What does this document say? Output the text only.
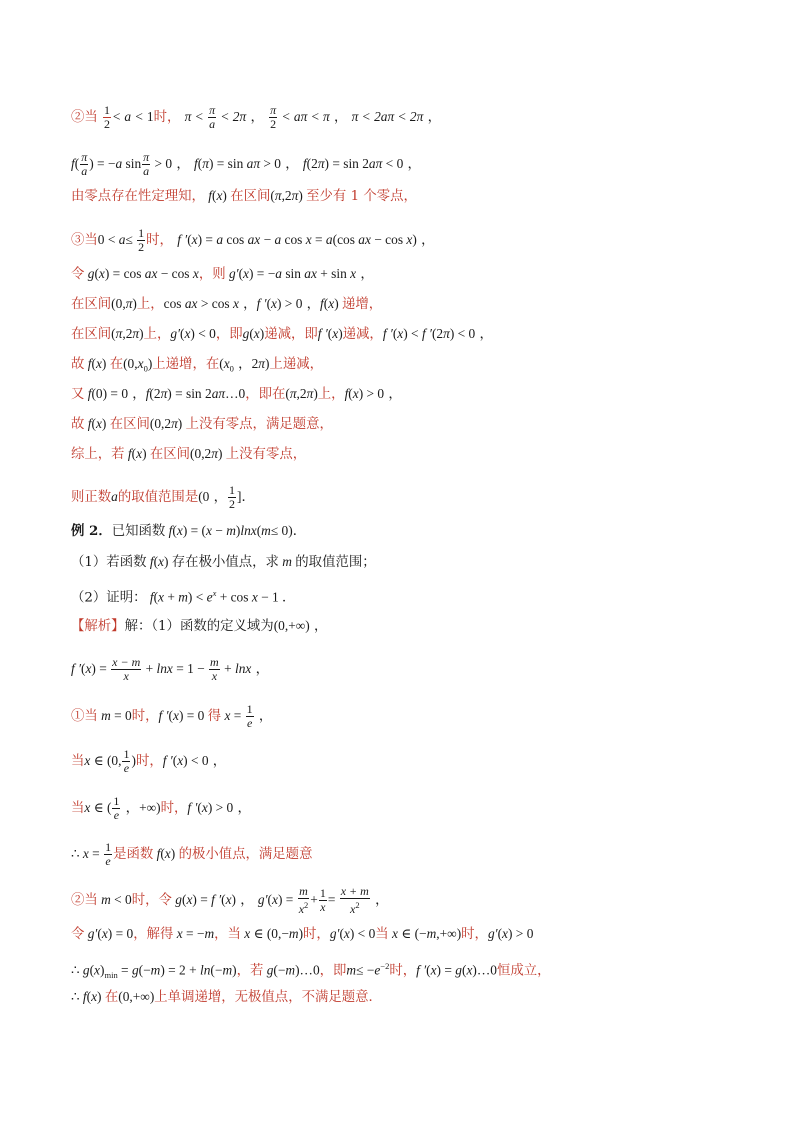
②当 $\frac{1}{2} < a < 1$时， $\pi < \frac{\pi}{a} < 2\pi$ ， $\frac{\pi}{2} < a\pi < \pi$ ， π < 2aπ < 2π ，
$f( \frac{\pi}{a}$ ) = −a $\sin \frac{\pi}{a} > 0$ ， f(π) = sin aπ > 0 ， f(2π) = sin 2aπ < 0 ，
由零点存在性定理知， f(x) 在区间(π,2π) 至少有 1 个零点，
③当$0 < a\le \frac{1}{2}$ 时， f ′(x) = a cos ax − a cos x = a(cos ax − cos x) ，
令 g(x) = cos ax − cos x，则 g′(x) = −a sin ax + sin x ，
在区间(0,π)上，cos ax > cos x ，f ′(x) > 0 ，f(x) 递增，
在区间(π,2π)上，g′(x) < 0，即g(x)递减，即f ′(x)递减，f ′(x) < f ′(2π) < 0 ，
故 f(x) 在$(0,x_0)$上递增，在($x_0$ ，2π)上递减，
又 f(0) = 0 ，f(2π) = sin 2aπ…0，即在(π,2π)上，f(x) > 0 ，
故 f(x) 在区间(0,2π) 上没有零点，满足题意，
综上，若 f(x) 在区间(0,2π) 上没有零点，
则正数a的取值范围是(0 ， $\frac{1}{2}$ ]．
例 2．已知函数 f(x) = (x − m)lnx(m≤ 0)．
（1）若函数 f(x) 存在极小值点，求 m 的取值范围；
（2）证明： $f(x + m) < e^x + \cos x - 1$ ．
【解析】解：（1）函数的定义域为(0,+∞) ，
f $'(x) = \frac{x - m}{x} + \ln x = 1 - \frac{m}{x} + \ln x$ ，
①当 m = 0时，f ′(x) = 0 得 $x = \frac{1}{e}$ ，
当x ∈ (0, $\frac{1}{e}$ )时，f ′(x) < 0 ，
当x ∈ ( $\frac{1}{e}$ ，+∞)时，f ′(x) > 0 ，
∴ $x = \frac{1}{e}$ 是函数 f(x) 的极小值点，满足题意
②当 m < 0时，令 g(x) = f ′(x) ， $g'(x) = \frac{m}{x^2} + \frac{1}{x} = \frac{x + m}{x^2}$ ，
令 g′(x) = 0，解得 x = −m，当 x ∈ (0,−m)时，g′(x) < 0当 x ∈ (−m,+∞)时，g′(x) > 0
∴ $g(x)_{min} = g(-m) = 2 + \ln(-m)$，若 g(−m)…0，即$m\le -e^{-2}$时，f ′(x) = g(x)…0恒成立，
∴ f(x) 在(0,+∞)上单调递增，无极值点，不满足题意．
